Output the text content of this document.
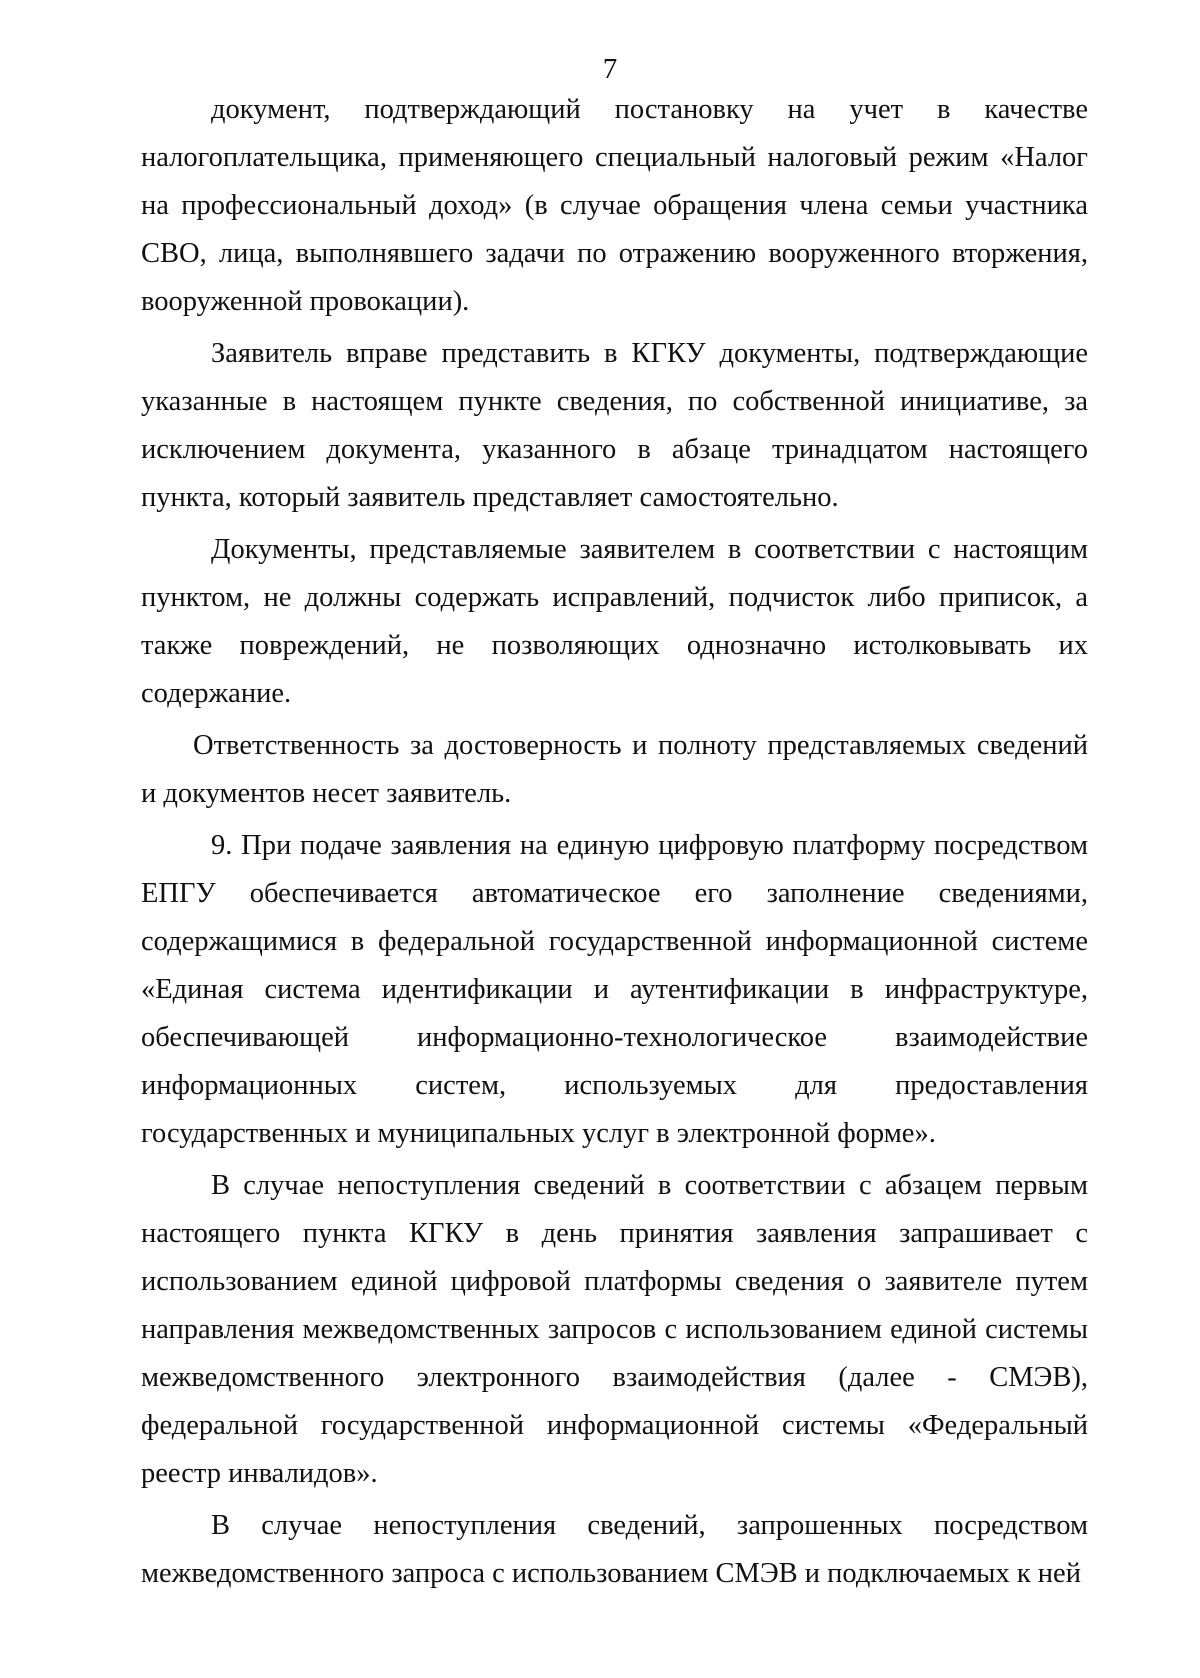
7

документ, подтверждающий постановку на учет в качестве налогоплательщика, применяющего специальный налоговый режим «Налог на профессиональный доход» (в случае обращения члена семьи участника СВО, лица, выполнявшего задачи по отражению вооруженного вторжения, вооруженной провокации).

Заявитель вправе представить в КГКУ документы, подтверждающие указанные в настоящем пункте сведения, по собственной инициативе, за исключением документа, указанного в абзаце тринадцатом настоящего пункта, который заявитель представляет самостоятельно.

Документы, представляемые заявителем в соответствии с настоящим пунктом, не должны содержать исправлений, подчисток либо приписок, а также повреждений, не позволяющих однозначно истолковывать их содержание.

Ответственность за достоверность и полноту представляемых сведений и документов несет заявитель.

9. При подаче заявления на единую цифровую платформу посредством ЕПГУ обеспечивается автоматическое его заполнение сведениями, содержащимися в федеральной государственной информационной системе «Единая система идентификации и аутентификации в инфраструктуре, обеспечивающей информационно-технологическое взаимодействие информационных систем, используемых для предоставления государственных и муниципальных услуг в электронной форме».

В случае непоступления сведений в соответствии с абзацем первым настоящего пункта КГКУ в день принятия заявления запрашивает с использованием единой цифровой платформы сведения о заявителе путем направления межведомственных запросов с использованием единой системы межведомственного электронного взаимодействия (далее - СМЭВ), федеральной государственной информационной системы «Федеральный реестр инвалидов».

В случае непоступления сведений, запрошенных посредством межведомственного запроса с использованием СМЭВ и подключаемых к ней
